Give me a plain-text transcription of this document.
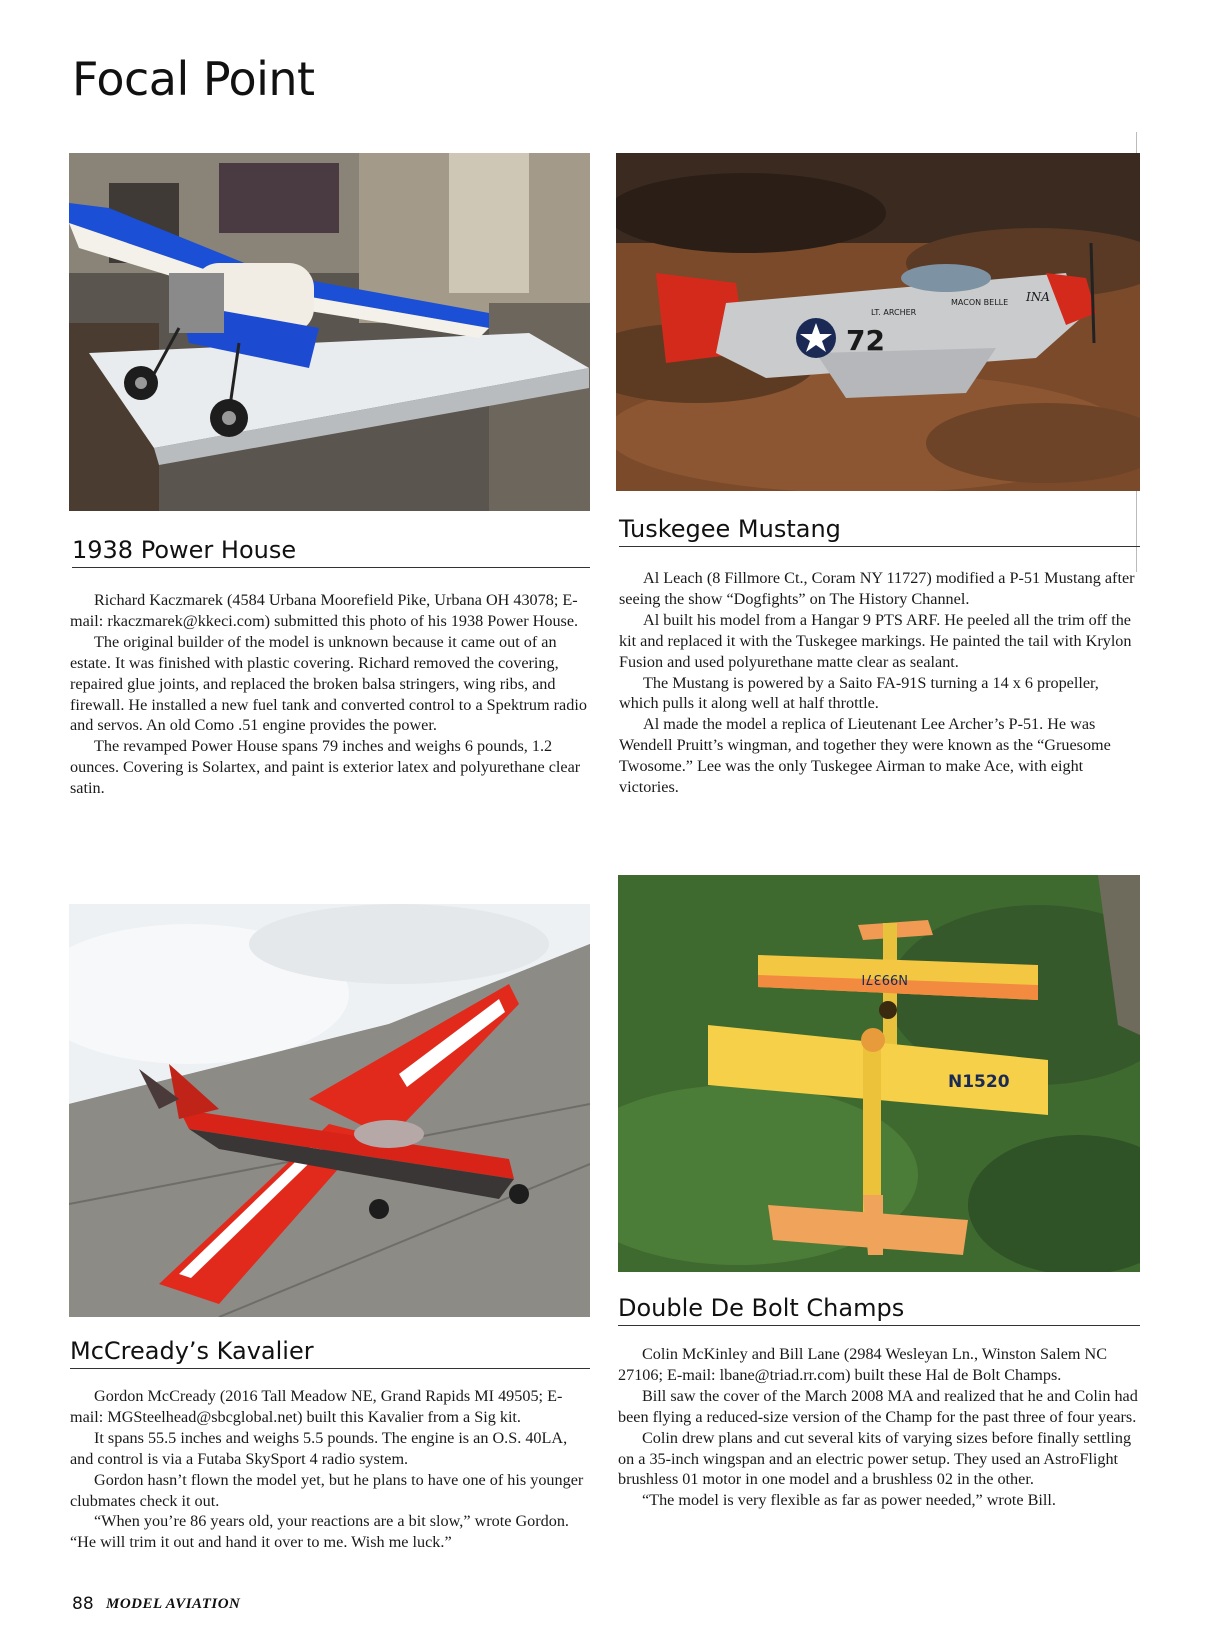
Focal Point
72
LT. ARCHER
MACON BELLE INA
1938 Power House
Tuskegee Mustang

Richard Kaczmarek (4584 Urbana Moorefield Pike, Urbana OH 43078; E-mail: rkaczmarek@kkeci.com) submitted this photo of his 1938 Power House.

The original builder of the model is unknown because it came out of an estate. It was finished with plastic covering. Richard removed the covering, repaired glue joints, and replaced the broken balsa stringers, wing ribs, and firewall. He installed a new fuel tank and converted control to a Spektrum radio and servos. An old Como .51 engine provides the power.

The revamped Power House spans 79 inches and weighs 6 pounds, 1.2 ounces. Covering is Solartex, and paint is exterior latex and polyurethane clear satin.

Al Leach (8 Fillmore Ct., Coram NY 11727) modified a P-51 Mustang after seeing the show “Dogfights” on The History Channel.

Al built his model from a Hangar 9 PTS ARF. He peeled all the trim off the kit and replaced it with the Tuskegee markings. He painted the tail with Krylon Fusion and used polyurethane matte clear as sealant.

The Mustang is powered by a Saito FA-91S turning a 14 x 6 propeller, which pulls it along well at half throttle.

Al made the model a replica of Lieutenant Lee Archer’s P-51. He was Wendell Pruitt’s wingman, and together they were known as the “Gruesome Twosome.” Lee was the only Tuskegee Airman to make Ace, with eight victories.

N9937I
N1520
Double De Bolt Champs
McCready’s Kavalier	Colin McKinley and Bill Lane (2984 Wesleyan Ln., Winston Salem NC 27106; E-mail: lbane@triad.rr.com) built these Hal de Bolt Champs.

Bill saw the cover of the March 2008 MA and realized that he and Colin had been flying a reduced-size version of the Champ for the past three of four years.

Colin drew plans and cut several kits of varying sizes before finally settling on a 35-inch wingspan and an electric power setup. They used an AstroFlight brushless 01 motor in one model and a brushless 02 in the other.

“The model is very flexible as far as power needed,” wrote Bill.

Gordon McCready (2016 Tall Meadow NE, Grand Rapids MI 49505; E-mail: MGSteelhead@sbcglobal.net) built this Kavalier from a Sig kit.

It spans 55.5 inches and weighs 5.5 pounds. The engine is an O.S. 40LA, and control is via a Futaba SkySport 4 radio system.

Gordon hasn’t flown the model yet, but he plans to have one of his younger clubmates check it out.

“When you’re 86 years old, your reactions are a bit slow,” wrote Gordon. “He will trim it out and hand it over to me. Wish me luck.”

88 MODEL AVIATION
